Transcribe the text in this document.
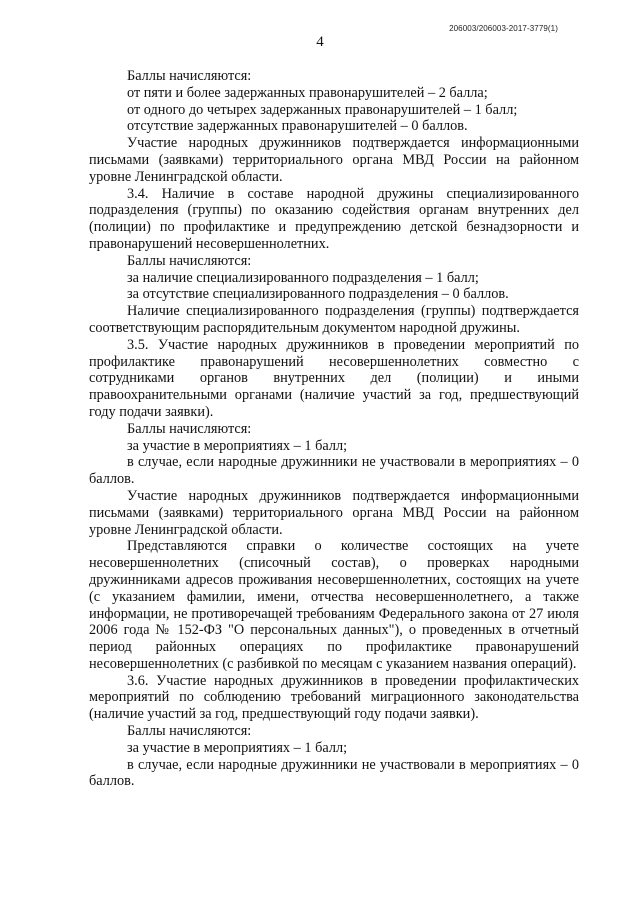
206003/206003-2017-3779(1)
4

Баллы начисляются:

от пяти и более задержанных правонарушителей – 2 балла;

от одного до четырех задержанных правонарушителей – 1 балл;

отсутствие задержанных правонарушителей – 0 баллов.

Участие народных дружинников подтверждается информационными письмами (заявками) территориального органа МВД России на районном уровне Ленинградской области.

3.4. Наличие в составе народной дружины специализированного подразделения (группы) по оказанию содействия органам внутренних дел (полиции) по профилактике и предупреждению детской безнадзорности и правонарушений несовершеннолетних.

Баллы начисляются:

за наличие специализированного подразделения – 1 балл;

за отсутствие специализированного подразделения – 0 баллов.

Наличие специализированного подразделения (группы) подтверждается соответствующим распорядительным документом народной дружины.

3.5. Участие народных дружинников в проведении мероприятий по профилактике правонарушений несовершеннолетних совместно с сотрудниками органов внутренних дел (полиции) и иными правоохранительными органами (наличие участий за год, предшествующий году подачи заявки).

Баллы начисляются:

за участие в мероприятиях – 1 балл;

в случае, если народные дружинники не участвовали в мероприятиях – 0 баллов.

Участие народных дружинников подтверждается информационными письмами (заявками) территориального органа МВД России на районном уровне Ленинградской области.

Представляются справки о количестве состоящих на учете несовершеннолетних (списочный состав), о проверках народными дружинниками адресов проживания несовершеннолетних, состоящих на учете (с указанием фамилии, имени, отчества несовершеннолетнего, а также информации, не противоречащей требованиям Федерального закона от 27 июля 2006 года № 152-ФЗ "О персональных данных"), о проведенных в отчетный период районных операциях по профилактике правонарушений несовершеннолетних (с разбивкой по месяцам с указанием названия операций).

3.6. Участие народных дружинников в проведении профилактических мероприятий по соблюдению требований миграционного законодательства (наличие участий за год, предшествующий году подачи заявки).

Баллы начисляются:

за участие в мероприятиях – 1 балл;

в случае, если народные дружинники не участвовали в мероприятиях – 0 баллов.
